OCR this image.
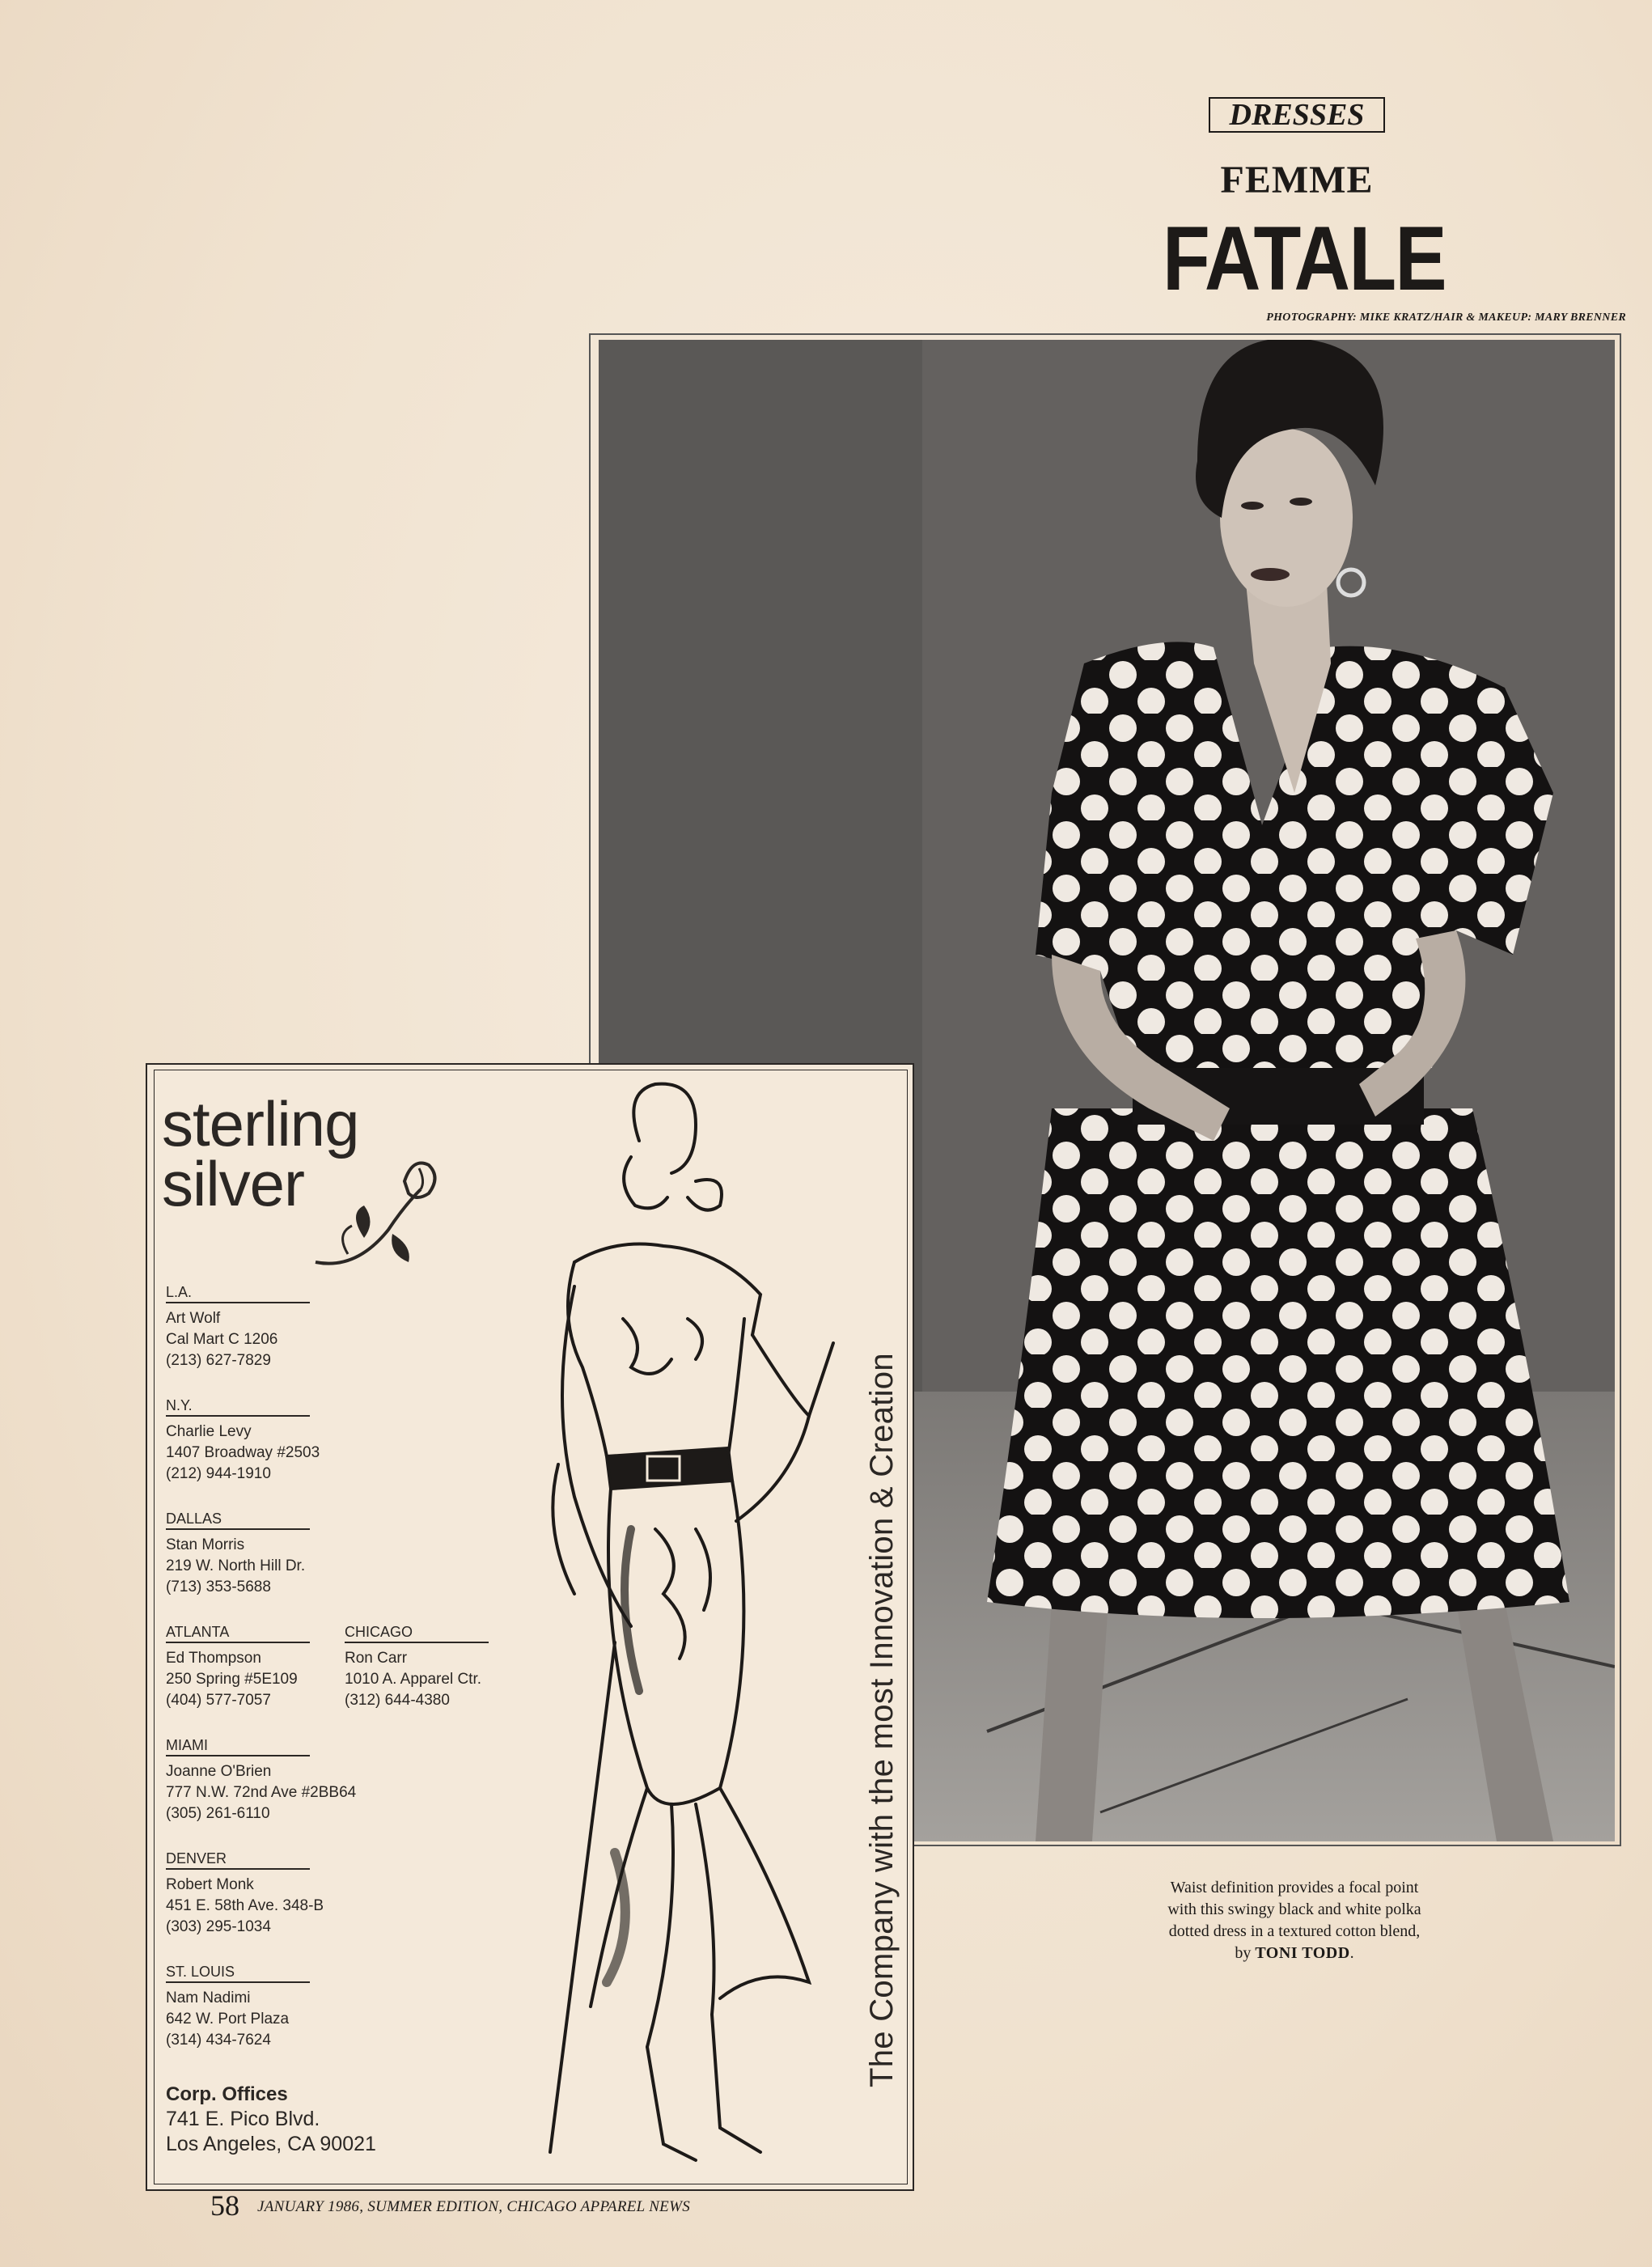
DRESSES
FEMME
FATALE
PHOTOGRAPHY: MIKE KRATZ/HAIR & MAKEUP: MARY BRENNER
Waist definition provides a focal point
with this swingy black and white polka
dotted dress in a textured cotton blend,
by TONI TODD.
sterling
silver
L.A.
Art Wolf
Cal Mart C 1206
(213) 627-7829
N.Y.
Charlie Levy
1407 Broadway #2503
(212) 944-1910
DALLAS
Stan Morris
219 W. North Hill Dr.
(713) 353-5688
ATLANTA
Ed Thompson
250 Spring #5E109
(404) 577-7057
CHICAGO
Ron Carr
1010 A. Apparel Ctr.
(312) 644-4380
MIAMI
Joanne O'Brien
777 N.W. 72nd Ave #2BB64
(305) 261-6110
DENVER
Robert Monk
451 E. 58th Ave. 348-B
(303) 295-1034
ST. LOUIS
Nam Nadimi
642 W. Port Plaza
(314) 434-7624
Corp. Offices
741 E. Pico Blvd.
Los Angeles, CA 90021
The Company with the most Innovation & Creation
58 JANUARY 1986, SUMMER EDITION, CHICAGO APPAREL NEWS
